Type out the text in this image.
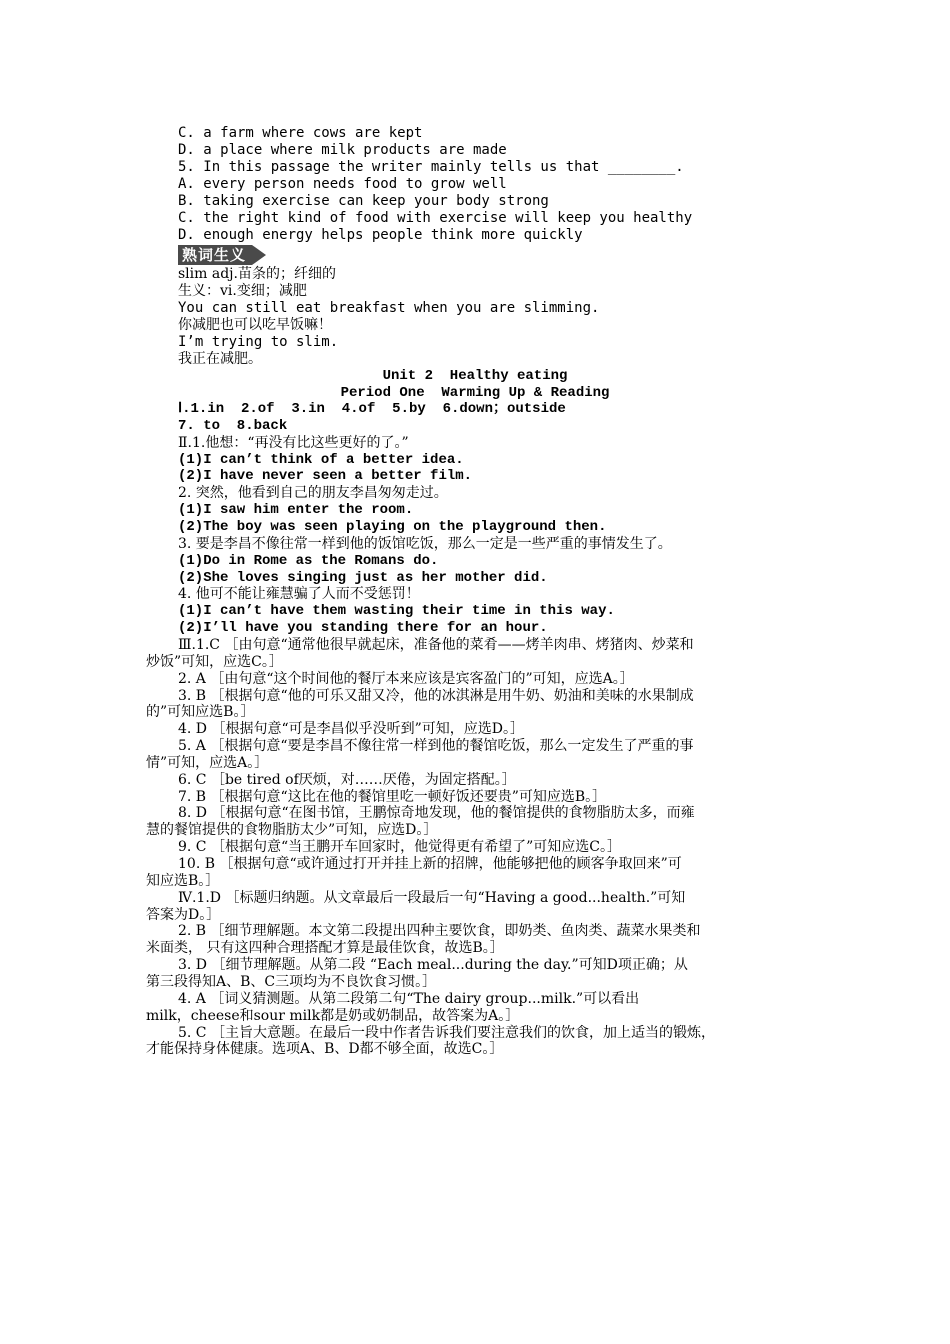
C. a farm where cows are kept
D. a place where milk products are made
5. In this passage the writer mainly tells us that ________.
A. every person needs food to grow well
B. taking exercise can keep your body strong
C. the right kind of food with exercise will keep you healthy
D. enough energy helps people think more quickly
熟词生义
slim adj.苗条的；纤细的
生义：vi.变细；减肥
You can still eat breakfast when you are slimming.
你减肥也可以吃早饭嘛！
I’m trying to slim.
我正在减肥。
Unit 2  Healthy eating
Period One  Warming Up & Reading
Ⅰ.1.in  2.of  3.in  4.of  5.by  6.down；outside
7. to  8.back
Ⅱ.1.他想：“再没有比这些更好的了。”
(1)I can’t think of a better idea.
(2)I have never seen a better film.
2. 突然，他看到自己的朋友李昌匆匆走过。
(1)I saw him enter the room.
(2)The boy was seen playing on the playground then.
3. 要是李昌不像往常一样到他的饭馆吃饭，那么一定是一些严重的事情发生了。
(1)Do in Rome as the Romans do.
(2)She loves singing just as her mother did.
4. 他可不能让雍慧骗了人而不受惩罚！
(1)I can’t have them wasting their time in this way.
(2)I’ll have you standing there for an hour.
Ⅲ.1.C ［由句意“通常他很早就起床，准备他的菜肴——烤羊肉串、烤猪肉、炒菜和
炒饭”可知，应选C。］
2. A ［由句意“这个时间他的餐厅本来应该是宾客盈门的”可知，应选A。］
3. B ［根据句意“他的可乐又甜又冷，他的冰淇淋是用牛奶、奶油和美味的水果制成
的”可知应选B。］
4. D ［根据句意“可是李昌似乎没听到”可知，应选D。］
5. A ［根据句意“要是李昌不像往常一样到他的餐馆吃饭，那么一定发生了严重的事
情”可知，应选A。］
6. C ［be tired of厌烦，对……厌倦，为固定搭配。］
7. B ［根据句意“这比在他的餐馆里吃一顿好饭还要贵”可知应选B。］
8. D ［根据句意“在图书馆，王鹏惊奇地发现，他的餐馆提供的食物脂肪太多，而雍
慧的餐馆提供的食物脂肪太少”可知，应选D。］
9. C ［根据句意“当王鹏开车回家时，他觉得更有希望了”可知应选C。］
10. B ［根据句意“或许通过打开并挂上新的招牌，他能够把他的顾客争取回来”可
知应选B。］
Ⅳ.1.D ［标题归纳题。从文章最后一段最后一句“Having a good...health.”可知
答案为D。］
2. B ［细节理解题。本文第二段提出四种主要饮食，即奶类、鱼肉类、蔬菜水果类和
米面类， 只有这四种合理搭配才算是最佳饮食，故选B。］
3. D ［细节理解题。从第二段 “Each meal...during the day.”可知D项正确；从
第三段得知A、B、C三项均为不良饮食习惯。］
4. A ［词义猜测题。从第二段第二句“The dairy group...milk.”可以看出
milk，cheese和sour milk都是奶或奶制品，故答案为A。］
5. C ［主旨大意题。在最后一段中作者告诉我们要注意我们的饮食，加上适当的锻炼，
才能保持身体健康。选项A、B、D都不够全面，故选C。］
